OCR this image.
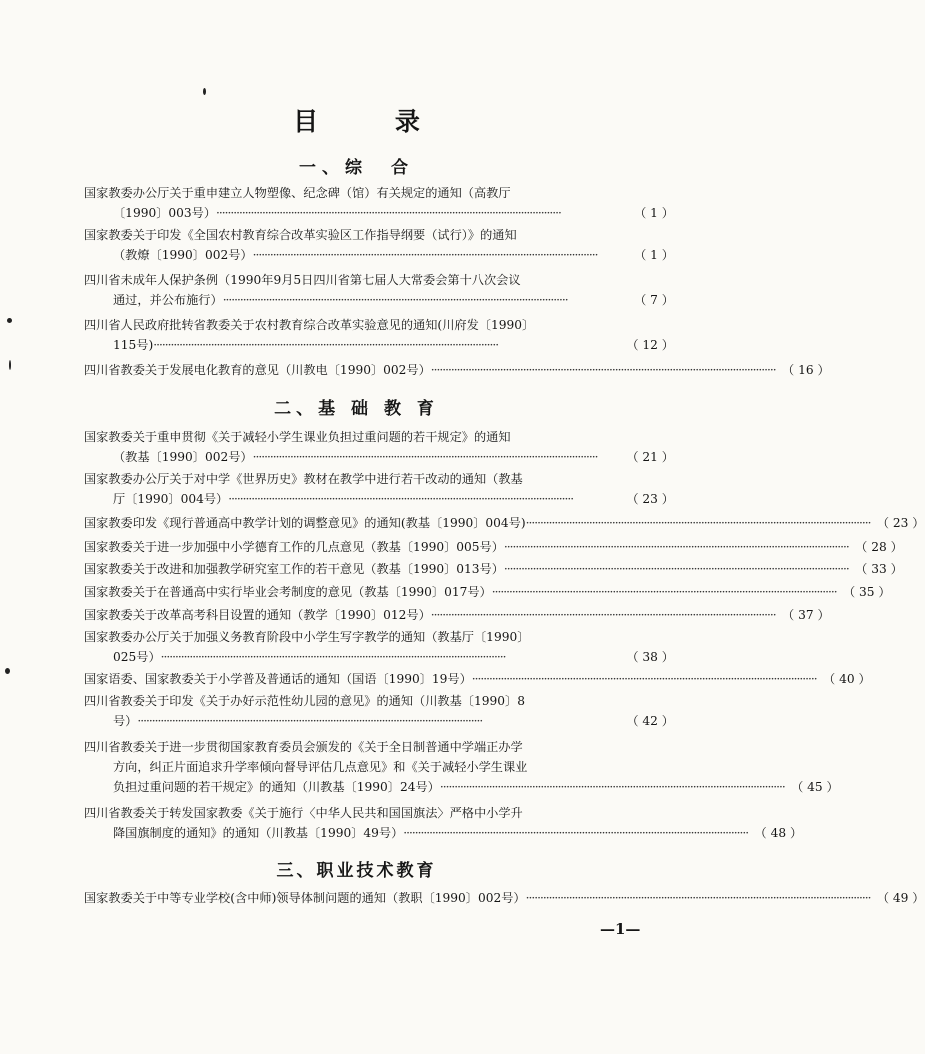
目 录
一、综　合
二、基 础 教 育
三、职业技术教育
国家教委办公厅关于重申建立人物塑像、纪念碑（馆）有关规定的通知（高教厅
〔1990〕003号） ························································································································	（ 1 ）
国家教委关于印发《全国农村教育综合改革实验区工作指导纲要（试行）》的通知
（教燎〔1990〕002号） ························································································································	（ 1 ）
四川省未成年人保护条例（1990年9月5日四川省第七届人大常委会第十八次会议
通过，并公布施行） ························································································································	（ 7 ）
四川省人民政府批转省教委关于农村教育综合改革实验意见的通知(川府发〔1990〕
115号) ························································································································	（ 12 ）
四川省教委关于发展电化教育的意见（川教电〔1990〕002号） ························································································································ （ 16 ）
国家教委关于重申贯彻《关于减轻小学生课业负担过重问题的若干规定》的通知
（教基〔1990〕002号） ························································································································	（ 21 ）
国家教委办公厅关于对中学《世界历史》教材在教学中进行若干改动的通知（教基
厅〔1990〕004号） ························································································································	（ 23 ）
国家教委印发《现行普通高中教学计划的调整意见》的通知(教基〔1990〕004号) ························································································································ （ 23 ）
国家教委关于进一步加强中小学德育工作的几点意见（教基〔1990〕005号） ························································································································ （ 28 ）
国家教委关于改进和加强教学研究室工作的若干意见（教基〔1990〕013号） ························································································································ （ 33 ）
国家教委关于在普通高中实行毕业会考制度的意见（教基〔1990〕017号） ························································································································ （ 35 ）
国家教委关于改革高考科目设置的通知（教学〔1990〕012号） ························································································································ （ 37 ）
国家教委办公厅关于加强义务教育阶段中小学生写字教学的通知（教基厅〔1990〕
025号） ························································································································	（ 38 ）
国家语委、国家教委关于小学普及普通话的通知（国语〔1990〕19号） ························································································································ （ 40 ）
四川省教委关于印发《关于办好示范性幼儿园的意见》的通知（川教基〔1990〕8
号） ························································································································	（ 42 ）
四川省教委关于进一步贯彻国家教育委员会颁发的《关于全日制普通中学端正办学
方向，纠正片面追求升学率倾向督导评估几点意见》和《关于减轻小学生课业
负担过重问题的若干规定》的通知（川教基〔1990〕24号） ························································································································ （ 45 ）
四川省教委关于转发国家教委《关于施行〈中华人民共和国国旗法〉严格中小学升
降国旗制度的通知》的通知（川教基〔1990〕49号） ························································································································ （ 48 ）
国家教委关于中等专业学校(含中师)领导体制问题的通知（教职〔1990〕002号） ························································································································ （ 49 ）
—1—
